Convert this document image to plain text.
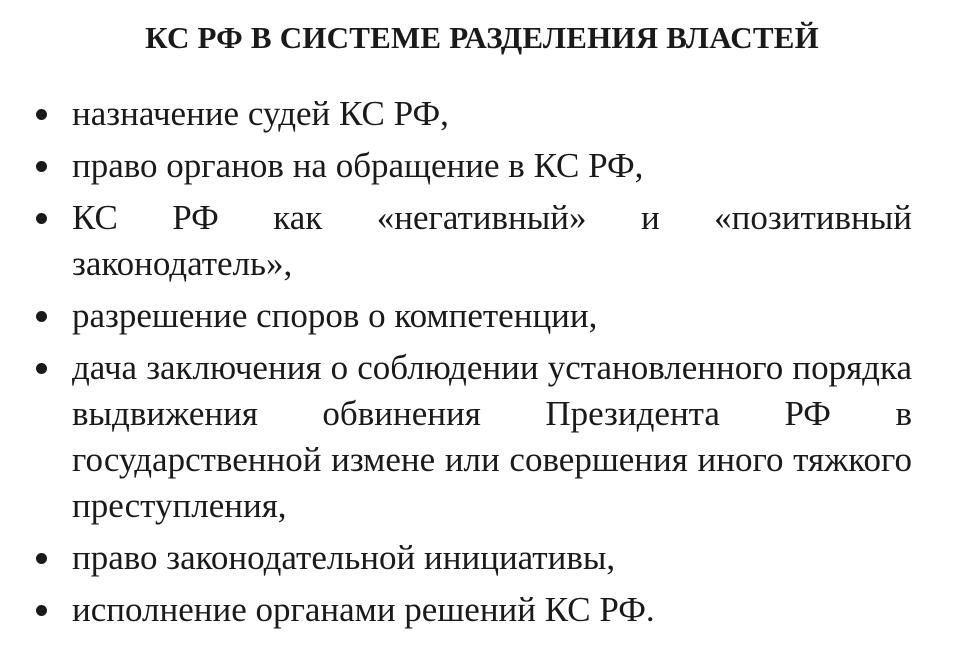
КС РФ В СИСТЕМЕ РАЗДЕЛЕНИЯ ВЛАСТЕЙ
назначение судей КС РФ,
право органов на обращение в КС РФ,
КС РФ как «негативный» и «позитивный законодатель»,
разрешение споров о компетенции,
дача заключения о соблюдении установленного порядка выдвижения обвинения Президента РФ в государственной измене или совершения иного тяжкого преступления,
право законодательной инициативы,
исполнение органами решений КС РФ.
